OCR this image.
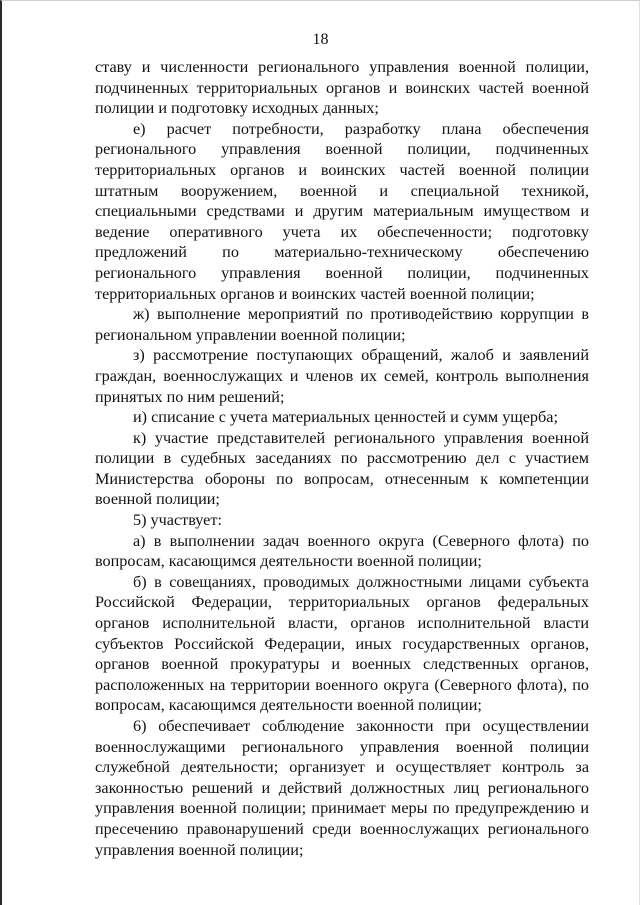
18

ставу и численности регионального управления военной полиции, подчиненных территориальных органов и воинских частей военной полиции и подготовку исходных данных;

е) расчет потребности, разработку плана обеспечения регионального управления военной полиции, подчиненных территориальных органов и воинских частей военной полиции штатным вооружением, военной и специальной техникой, специальными средствами и другим материальным имуществом и ведение оперативного учета их обеспеченности; подготовку предложений по материально-техническому обеспечению регионального управления военной полиции, подчиненных территориальных органов и воинских частей военной полиции;

ж) выполнение мероприятий по противодействию коррупции в региональном управлении военной полиции;

з) рассмотрение поступающих обращений, жалоб и заявлений граждан, военнослужащих и членов их семей, контроль выполнения принятых по ним решений;

и) списание с учета материальных ценностей и сумм ущерба;

к) участие представителей регионального управления военной полиции в судебных заседаниях по рассмотрению дел с участием Министерства обороны по вопросам, отнесенным к компетенции военной полиции;

5) участвует:

а) в выполнении задач военного округа (Северного флота) по вопросам, касающимся деятельности военной полиции;

б) в совещаниях, проводимых должностными лицами субъекта Российской Федерации, территориальных органов федеральных органов исполнительной власти, органов исполнительной власти субъектов Российской Федерации, иных государственных органов, органов военной прокуратуры и военных следственных органов, расположенных на территории военного округа (Северного флота), по вопросам, касающимся деятельности военной полиции;

6) обеспечивает соблюдение законности при осуществлении военнослужащими регионального управления военной полиции служебной деятельности; организует и осуществляет контроль за законностью решений и действий должностных лиц регионального управления военной полиции; принимает меры по предупреждению и пресечению правонарушений среди военнослужащих регионального управления военной полиции;
